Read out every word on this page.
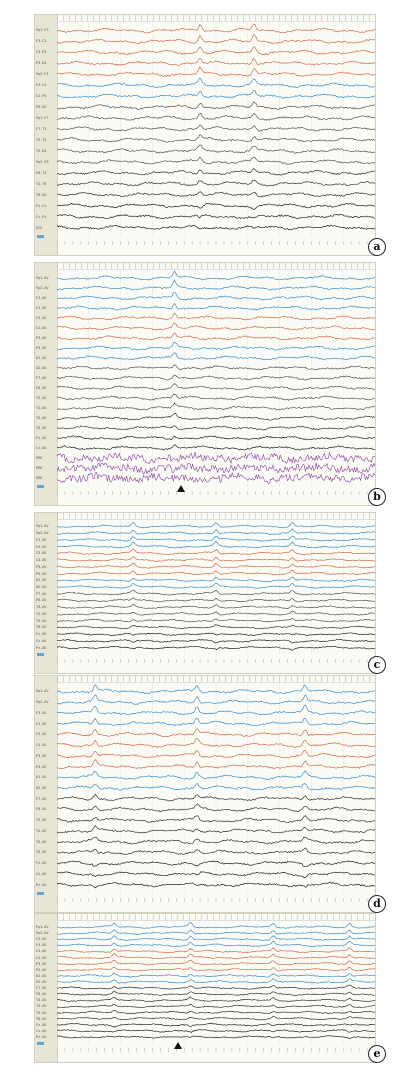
Fp1-F3
F3-C3
C3-P3
P3-O1
Fp2-F4
F4-C4
C4-P4
P4-O2
Fp1-F7
F7-T3
T3-T5
T5-O1
Fp2-F8
F8-T4
T4-T6
T6-O2
Fz-Cz
Cz-Pz
ECG
a
Fp1-AV
Fp2-AV
F3-AV
F4-AV
C3-AV
C4-AV
P3-AV
P4-AV
O1-AV
O2-AV
F7-AV
F8-AV
T3-AV
T4-AV
T5-AV
T6-AV
Fz-AV
Cz-AV
EMG
EMG
EMG
b
Fp1-AV
Fp2-AV
F3-AV
F4-AV
C3-AV
C4-AV
P3-AV
P4-AV
O1-AV
O2-AV
F7-AV
F8-AV
T3-AV
T4-AV
T5-AV
T6-AV
Fz-AV
Cz-AV
Pz-AV
c
Fp1-AV
Fp2-AV
F3-AV
F4-AV
C3-AV
C4-AV
P3-AV
P4-AV
O1-AV
O2-AV
F7-AV
F8-AV
T3-AV
T4-AV
T5-AV
T6-AV
Fz-AV
Cz-AV
Pz-AV
d
Fp1-AV
Fp2-AV
F3-AV
F4-AV
C3-AV
C4-AV
P3-AV
P4-AV
O1-AV
O2-AV
F7-AV
F8-AV
T3-AV
T4-AV
T5-AV
T6-AV
Fz-AV
Cz-AV
Pz-AV
e
